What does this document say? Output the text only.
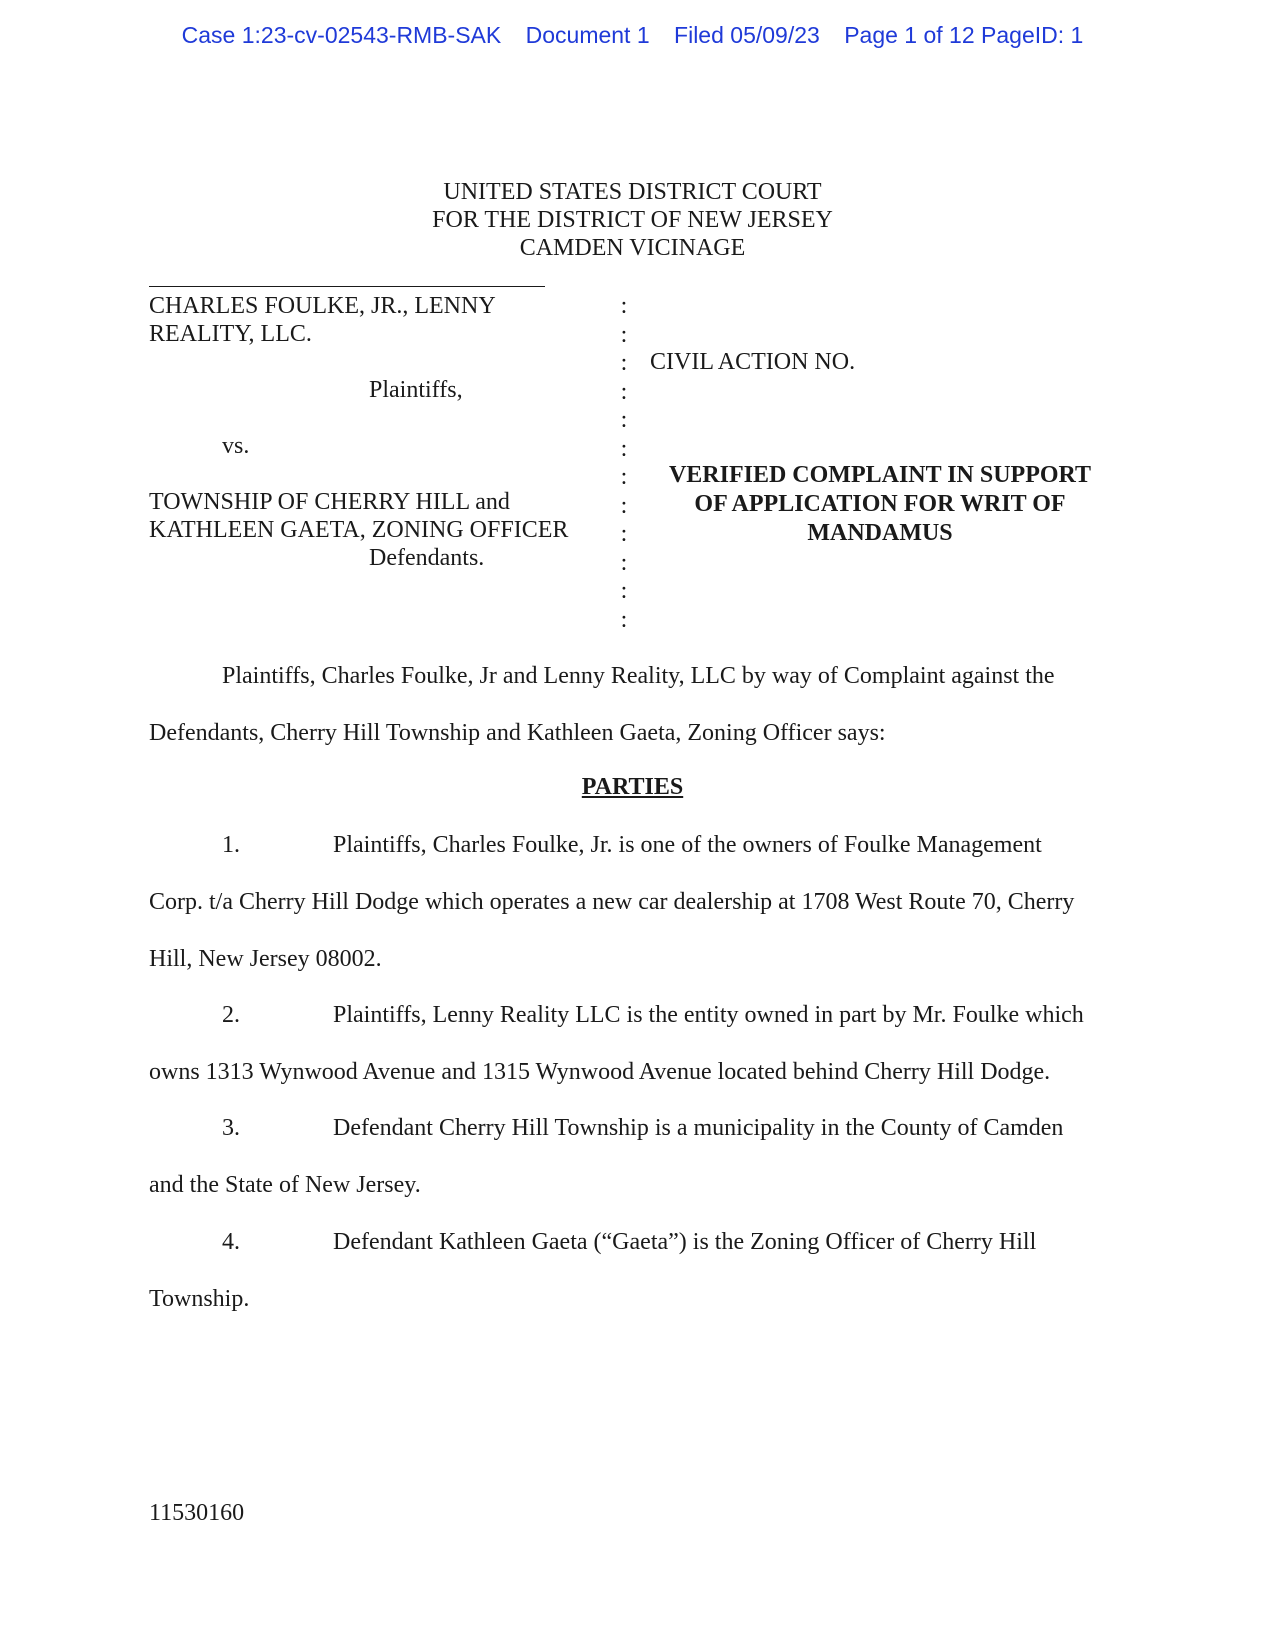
Case 1:23-cv-02543-RMB-SAK Document 1 Filed 05/09/23 Page 1 of 12 PageID: 1
UNITED STATES DISTRICT COURT
FOR THE DISTRICT OF NEW JERSEY
CAMDEN VICINAGE
CHARLES FOULKE, JR., LENNY
REALITY, LLC.
Plaintiffs,
vs.
TOWNSHIP OF CHERRY HILL and
KATHLEEN GAETA, ZONING OFFICER
Defendants.
:
:
:
:
:
:
:
:
:
:
:
:
CIVIL ACTION NO.
VERIFIED COMPLAINT IN SUPPORT
OF APPLICATION FOR WRIT OF
MANDAMUS
Plaintiffs, Charles Foulke, Jr and Lenny Reality, LLC by way of Complaint against the
Defendants, Cherry Hill Township and Kathleen Gaeta, Zoning Officer says:
PARTIES
1.	Plaintiffs, Charles Foulke, Jr. is one of the owners of Foulke Management
Corp. t/a Cherry Hill Dodge which operates a new car dealership at 1708 West Route 70, Cherry
Hill, New Jersey 08002.
2.	Plaintiffs, Lenny Reality LLC is the entity owned in part by Mr. Foulke which
owns 1313 Wynwood Avenue and 1315 Wynwood Avenue located behind Cherry Hill Dodge.
3.	Defendant Cherry Hill Township is a municipality in the County of Camden
and the State of New Jersey.
4.	Defendant Kathleen Gaeta (“Gaeta”) is the Zoning Officer of Cherry Hill
Township.
11530160
